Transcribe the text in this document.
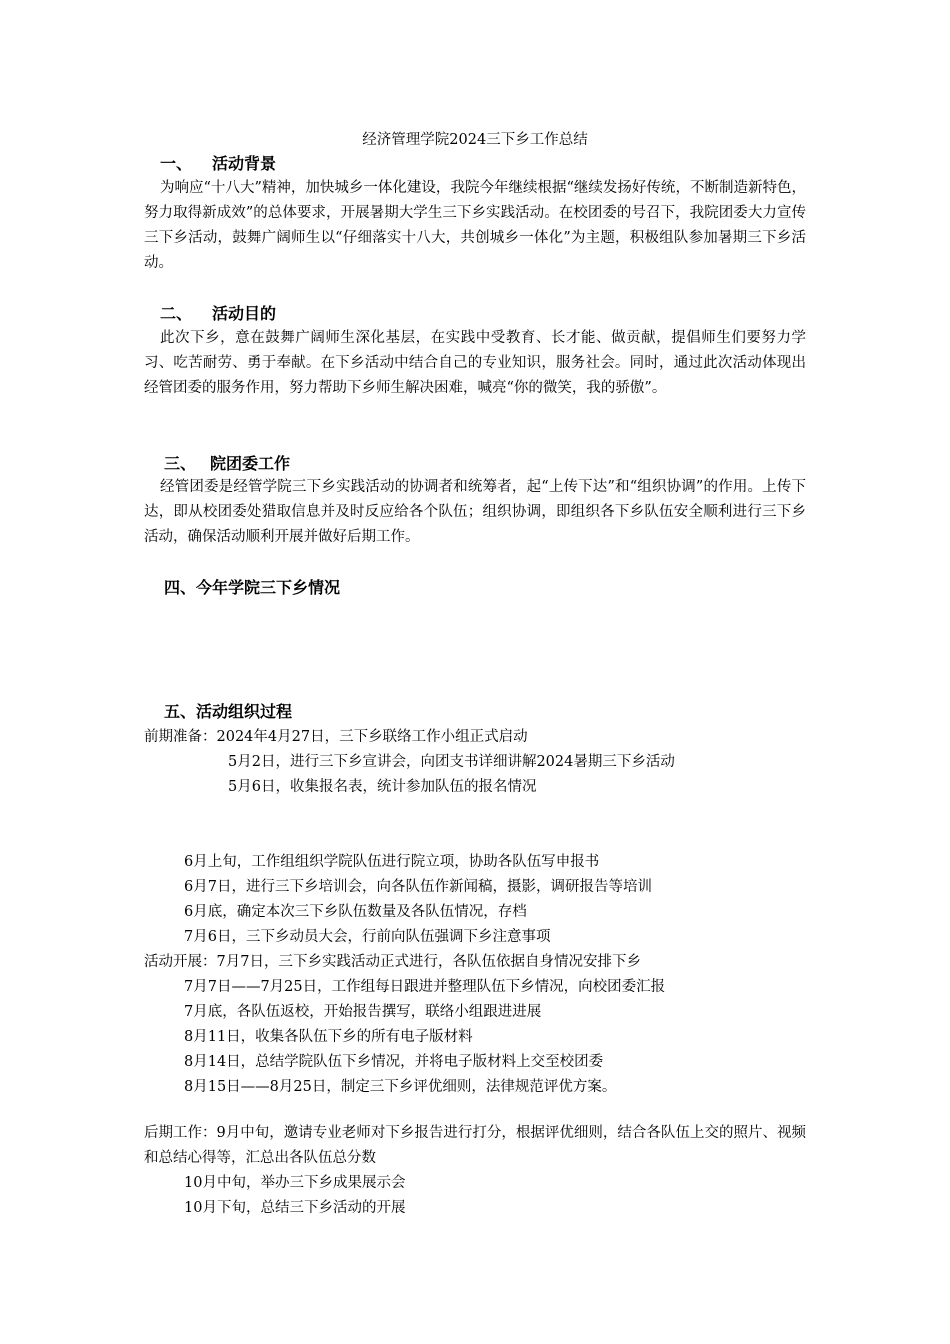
经济管理学院2024三下乡工作总结
一、 活动背景

为响应“十八大”精神，加快城乡一体化建设，我院今年继续根据“继续发扬好传统，不断制造新特色，努力取得新成效”的总体要求，开展暑期大学生三下乡实践活动。在校团委的号召下，我院团委大力宣传三下乡活动，鼓舞广阔师生以“仔细落实十八大，共创城乡一体化”为主题，积极组队参加暑期三下乡活动。

二、 活动目的

此次下乡，意在鼓舞广阔师生深化基层，在实践中受教育、长才能、做贡献，提倡师生们要努力学习、吃苦耐劳、勇于奉献。在下乡活动中结合自己的专业知识，服务社会。同时，通过此次活动体现出经管团委的服务作用，努力帮助下乡师生解决困难，喊亮“你的微笑，我的骄傲”。

三、 院团委工作

经管团委是经管学院三下乡实践活动的协调者和统筹者，起“上传下达”和“组织协调”的作用。上传下达，即从校团委处猎取信息并及时反应给各个队伍；组织协调，即组织各下乡队伍安全顺利进行三下乡活动，确保活动顺利开展并做好后期工作。

四、今年学院三下乡情况
五、活动组织过程
前期准备：2024年4月27日，三下乡联络工作小组正式启动
5月2日，进行三下乡宣讲会，向团支书详细讲解2024暑期三下乡活动
5月6日，收集报名表，统计参加队伍的报名情况
6月上旬，工作组组织学院队伍进行院立项，协助各队伍写申报书
6月7日，进行三下乡培训会，向各队伍作新闻稿，摄影，调研报告等培训
6月底，确定本次三下乡队伍数量及各队伍情况，存档
7月6日，三下乡动员大会，行前向队伍强调下乡注意事项
活动开展：7月7日，三下乡实践活动正式进行，各队伍依据自身情况安排下乡
7月7日——7月25日，工作组每日跟进并整理队伍下乡情况，向校团委汇报
7月底，各队伍返校，开始报告撰写，联络小组跟进进展
8月11日，收集各队伍下乡的所有电子版材料
8月14日，总结学院队伍下乡情况，并将电子版材料上交至校团委
8月15日——8月25日，制定三下乡评优细则，法律规范评优方案。

后期工作：9月中旬，邀请专业老师对下乡报告进行打分，根据评优细则，结合各队伍上交的照片、视频和总结心得等，汇总出各队伍总分数

10月中旬，举办三下乡成果展示会
10月下旬，总结三下乡活动的开展
